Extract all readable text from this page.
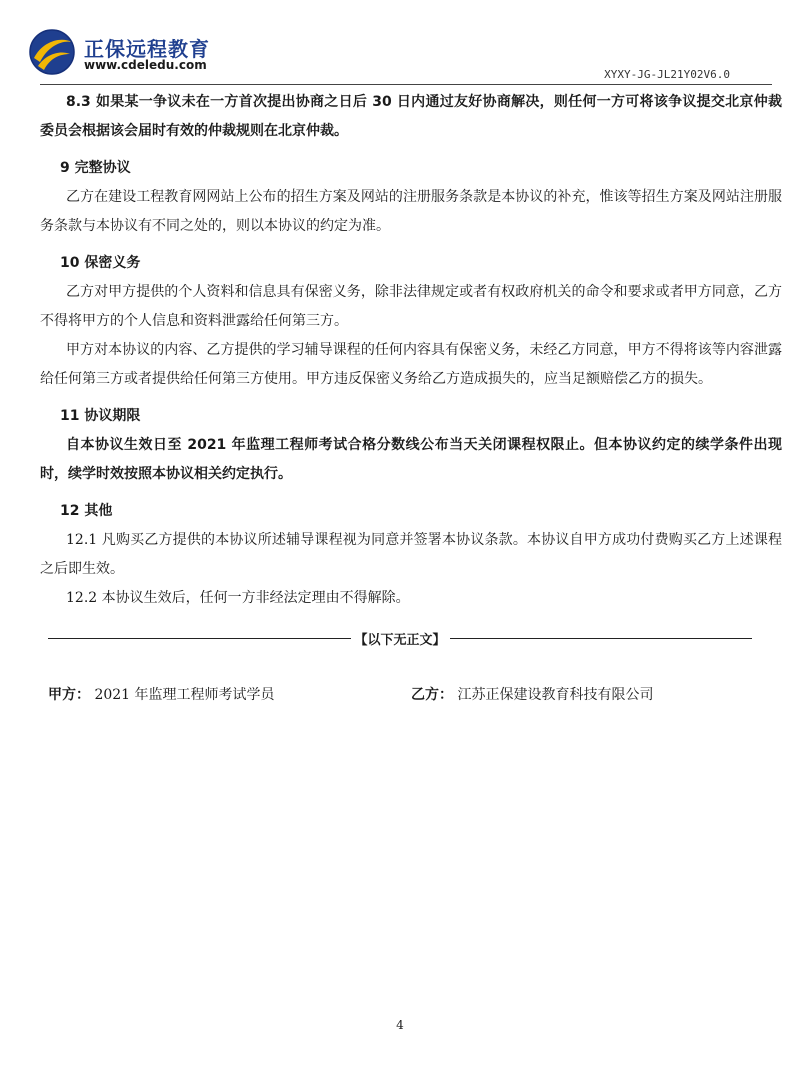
正保远程教育
www.cdeledu.com
XYXY-JG-JL21Y02V6.0

8.3 如果某一争议未在一方首次提出协商之日后 30 日内通过友好协商解决，则任何一方可将该争议提交北京仲裁委员会根据该会届时有效的仲裁规则在北京仲裁。

9 完整协议

乙方在建设工程教育网网站上公布的招生方案及网站的注册服务条款是本协议的补充，惟该等招生方案及网站注册服务条款与本协议有不同之处的，则以本协议的约定为准。

10 保密义务

乙方对甲方提供的个人资料和信息具有保密义务，除非法律规定或者有权政府机关的命令和要求或者甲方同意，乙方不得将甲方的个人信息和资料泄露给任何第三方。

甲方对本协议的内容、乙方提供的学习辅导课程的任何内容具有保密义务，未经乙方同意，甲方不得将该等内容泄露给任何第三方或者提供给任何第三方使用。甲方违反保密义务给乙方造成损失的，应当足额赔偿乙方的损失。

11 协议期限

自本协议生效日至 2021 年监理工程师考试合格分数线公布当天关闭课程权限止。但本协议约定的续学条件出现时，续学时效按照本协议相关约定执行。

12 其他

12.1 凡购买乙方提供的本协议所述辅导课程视为同意并签署本协议条款。本协议自甲方成功付费购买乙方上述课程之后即生效。

12.2 本协议生效后，任何一方非经法定理由不得解除。

【以下无正文】
甲方： 2021 年监理工程师考试学员	乙方： 江苏正保建设教育科技有限公司
4
